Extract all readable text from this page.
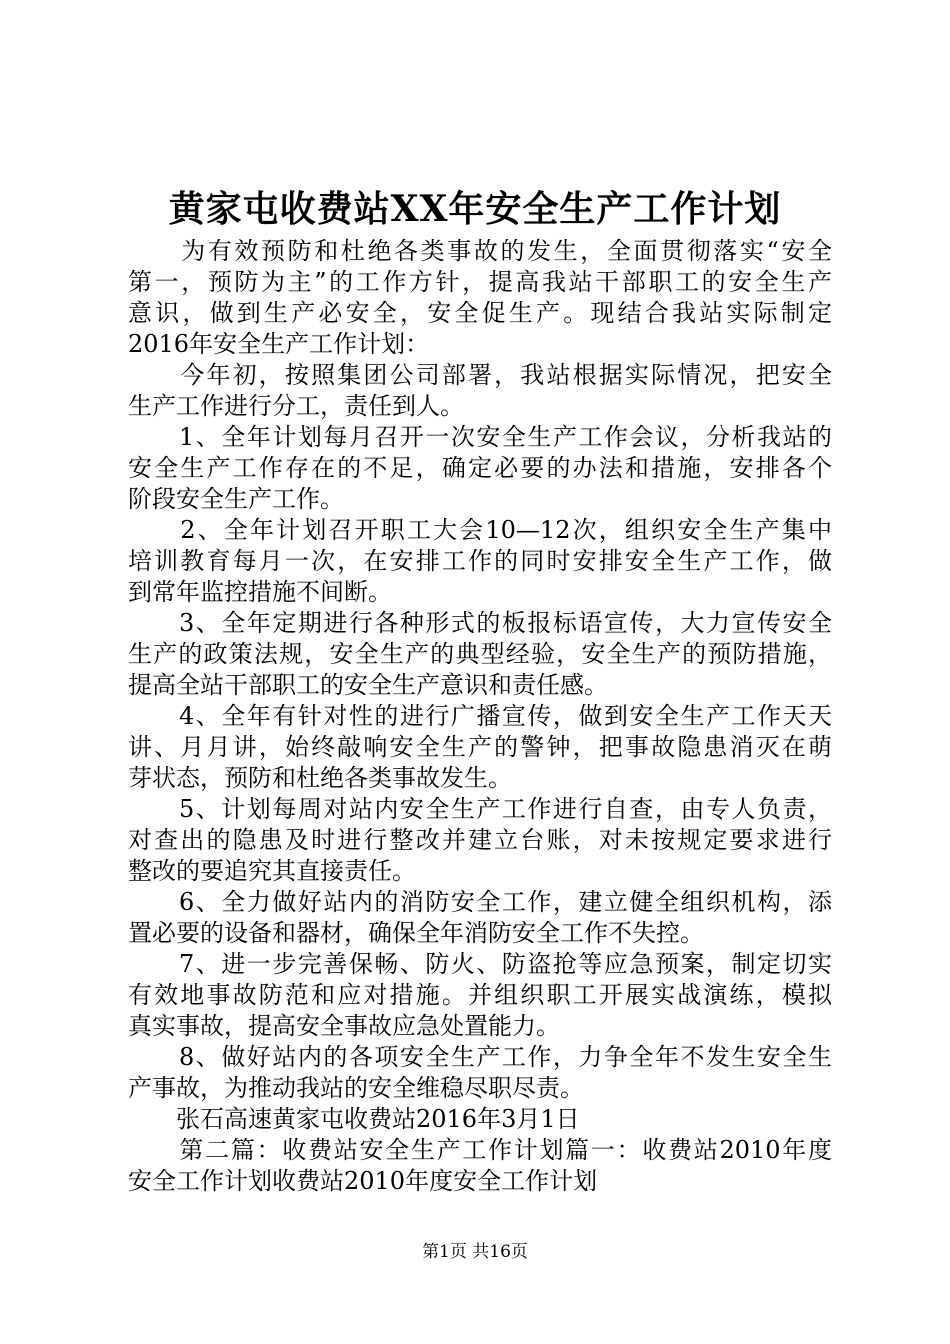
黄家屯收费站XX年安全生产工作计划
　　为有效预防和杜绝各类事故的发生，全面贯彻落实“安全
第一，预防为主”的工作方针，提高我站干部职工的安全生产
意识，做到生产必安全，安全促生产。现结合我站实际制定
2016年安全生产工作计划：
　　今年初，按照集团公司部署，我站根据实际情况，把安全
生产工作进行分工，责任到人。
　　1、全年计划每月召开一次安全生产工作会议，分析我站的
安全生产工作存在的不足，确定必要的办法和措施，安排各个
阶段安全生产工作。
　　2、全年计划召开职工大会10—12次，组织安全生产集中
培训教育每月一次，在安排工作的同时安排安全生产工作，做
到常年监控措施不间断。
　　3、全年定期进行各种形式的板报标语宣传，大力宣传安全
生产的政策法规，安全生产的典型经验，安全生产的预防措施，
提高全站干部职工的安全生产意识和责任感。
　　4、全年有针对性的进行广播宣传，做到安全生产工作天天
讲、月月讲，始终敲响安全生产的警钟，把事故隐患消灭在萌
芽状态，预防和杜绝各类事故发生。
　　5、计划每周对站内安全生产工作进行自查，由专人负责，
对查出的隐患及时进行整改并建立台账，对未按规定要求进行
整改的要追究其直接责任。
　　6、全力做好站内的消防安全工作，建立健全组织机构，添
置必要的设备和器材，确保全年消防安全工作不失控。
　　7、进一步完善保畅、防火、防盗抢等应急预案，制定切实
有效地事故防范和应对措施。并组织职工开展实战演练，模拟
真实事故，提高安全事故应急处置能力。
　　8、做好站内的各项安全生产工作，力争全年不发生安全生
产事故，为推动我站的安全维稳尽职尽责。
　　张石高速黄家屯收费站2016年3月1日
　　第二篇：收费站安全生产工作计划篇一：收费站2010年度
安全工作计划收费站2010年度安全工作计划
第1页 共16页
